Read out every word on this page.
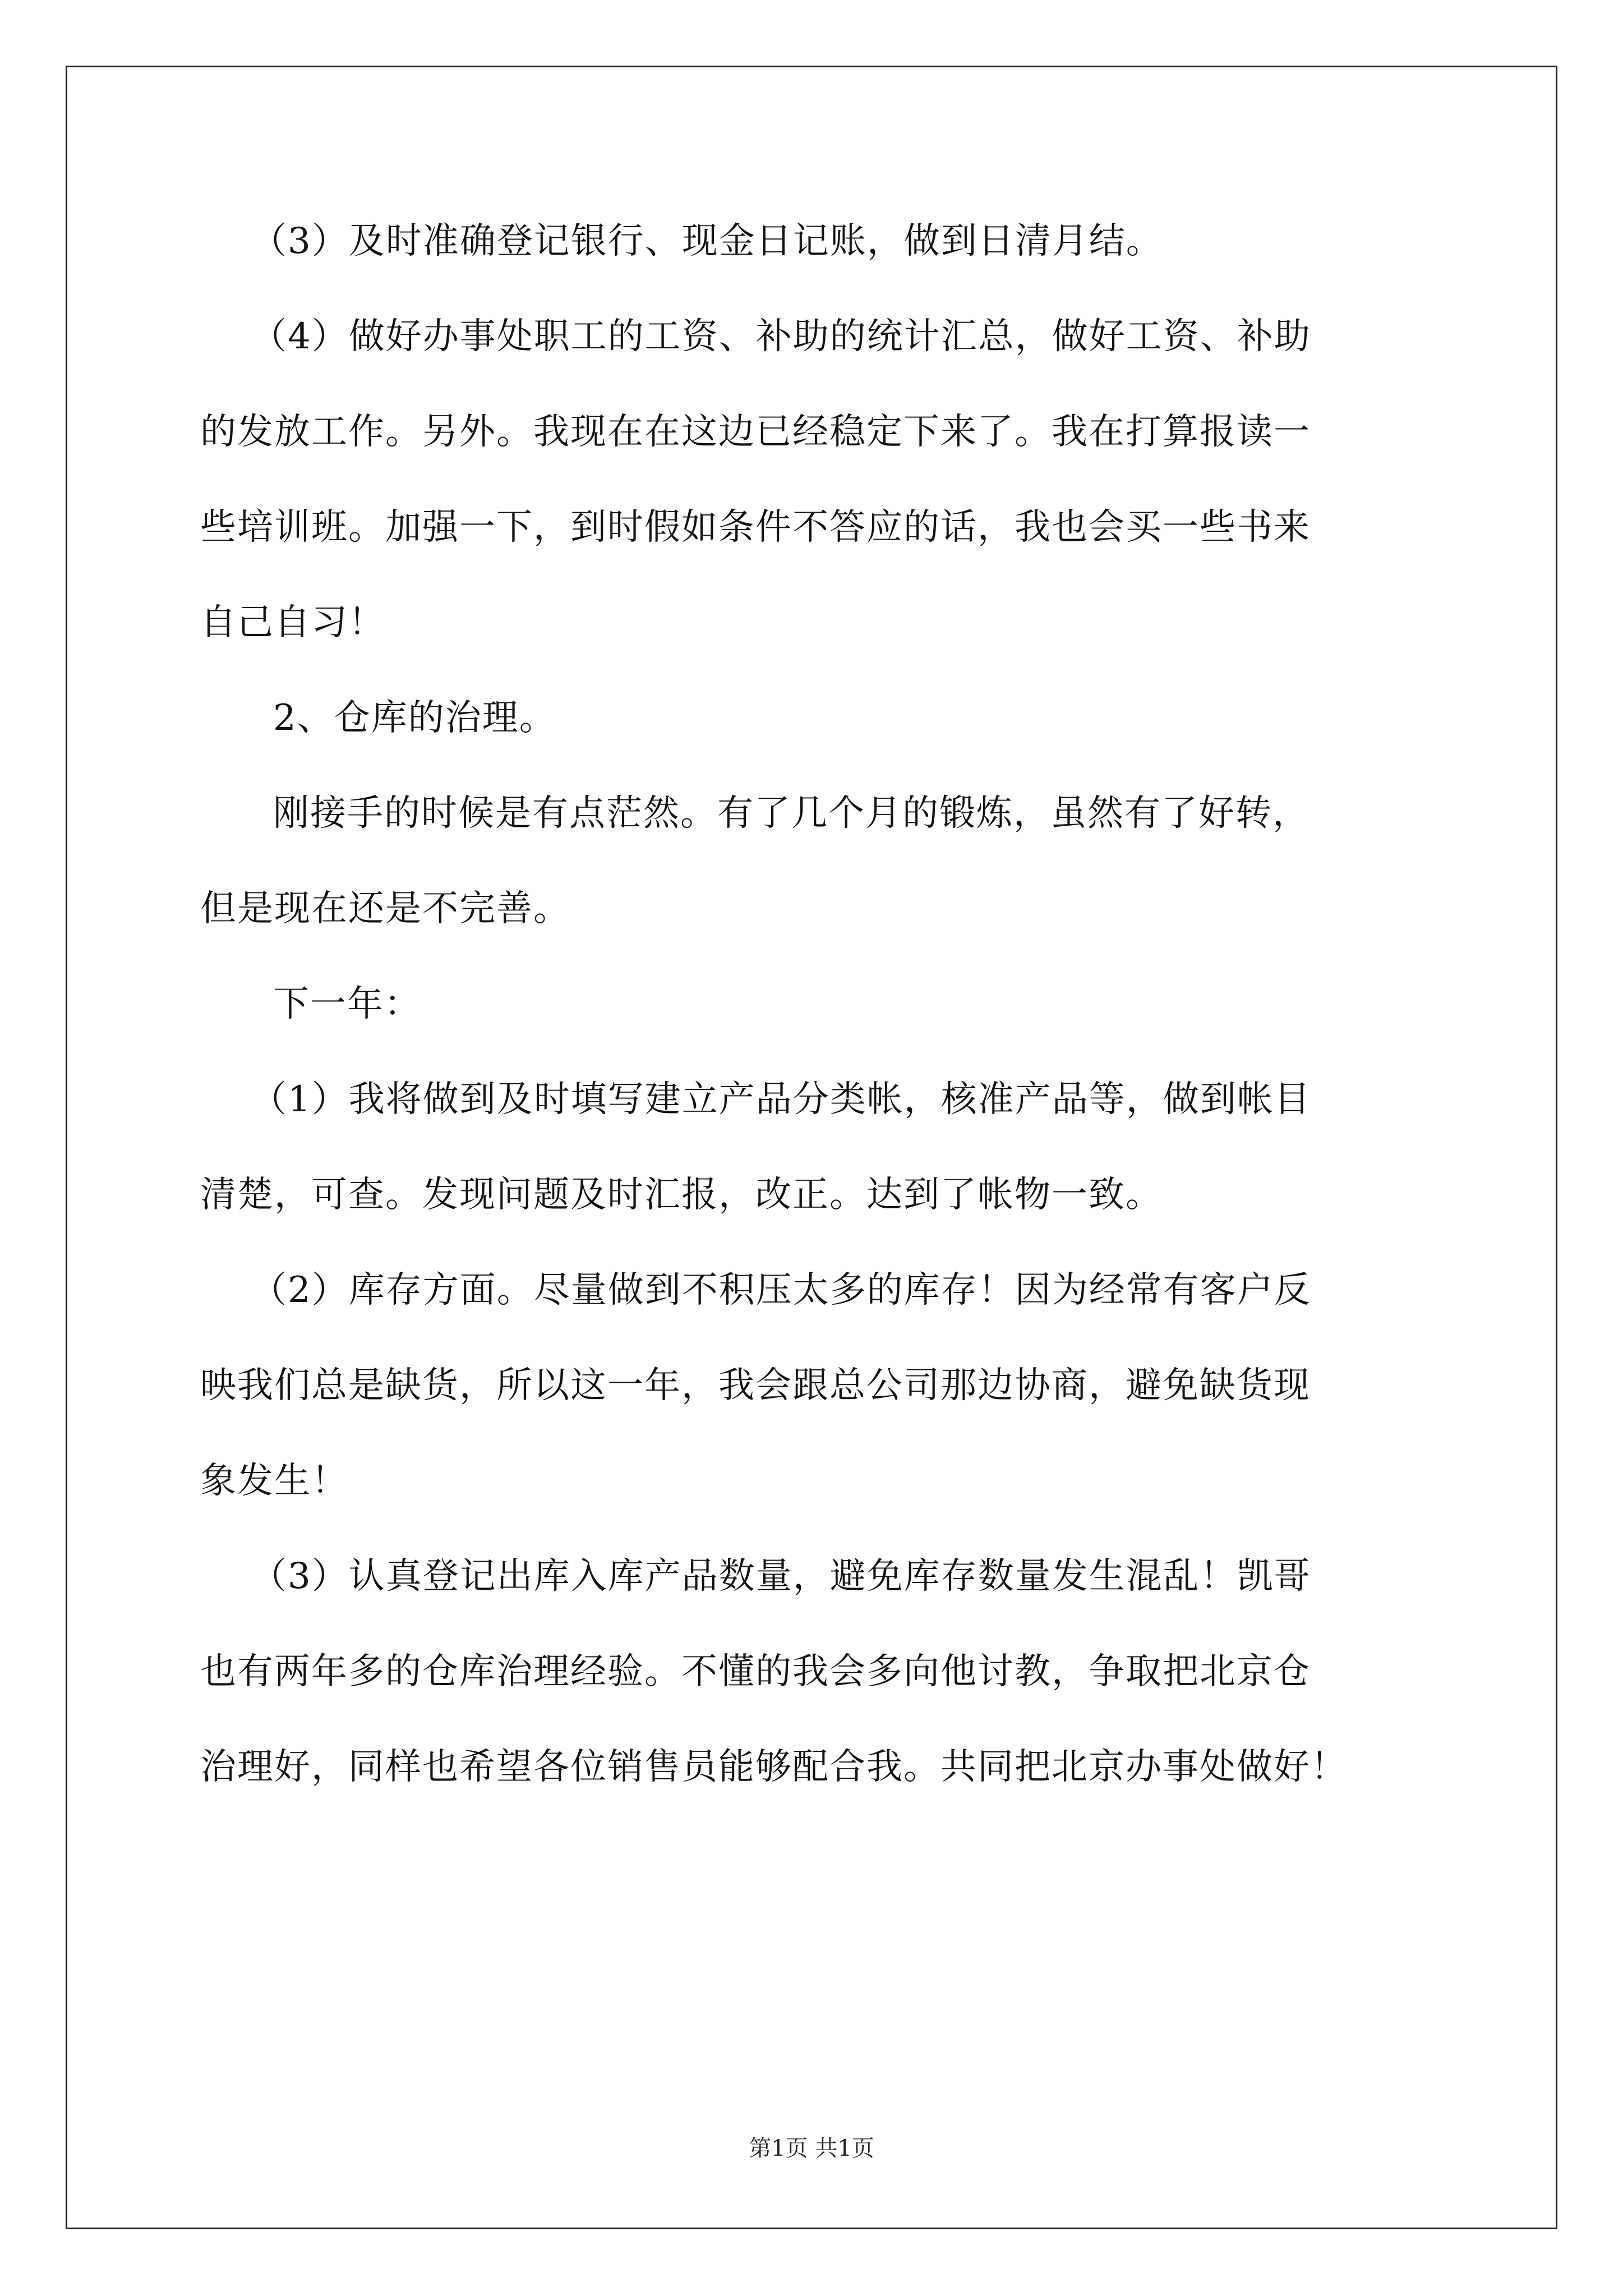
（3）及时准确登记银行、现金日记账，做到日清月结。
（4）做好办事处职工的工资、补助的统计汇总，做好工资、补助
的发放工作。另外。我现在在这边已经稳定下来了。我在打算报读一
些培训班。加强一下，到时假如条件不答应的话，我也会买一些书来
自己自习！
2、仓库的治理。
刚接手的时候是有点茫然。有了几个月的锻炼，虽然有了好转，
但是现在还是不完善。
下一年：
（1）我将做到及时填写建立产品分类帐，核准产品等，做到帐目
清楚，可查。发现问题及时汇报，改正。达到了帐物一致。
（2）库存方面。尽量做到不积压太多的库存！因为经常有客户反
映我们总是缺货，所以这一年，我会跟总公司那边协商，避免缺货现
象发生！
（3）认真登记出库入库产品数量，避免库存数量发生混乱！凯哥
也有两年多的仓库治理经验。不懂的我会多向他讨教，争取把北京仓
治理好，同样也希望各位销售员能够配合我。共同把北京办事处做好！
第1页 共1页
